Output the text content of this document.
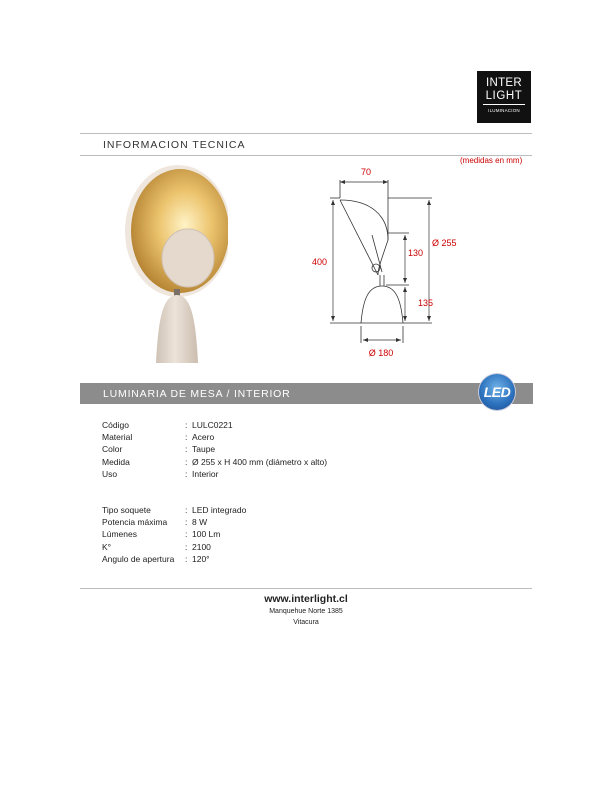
INTER
LIGHT
ILUMINACION
INFORMACION TECNICA
(medidas en mm)
70
400
130
Ø 255
135
Ø 180
LUMINARIA DE MESA / INTERIOR	LED
Código	: LULC0221
Material	: Acero
Color	: Taupe
Medida	: Ø 255 x H 400 mm (diámetro x alto)
Uso	: Interior
Tipo soquete	: LED integrado
Potencia máxima	: 8 W
Lúmenes	: 100 Lm
K°	: 2100
Angulo de apertura	: 120°
www.interlight.cl
Manquehue Norte 1385
Vitacura
